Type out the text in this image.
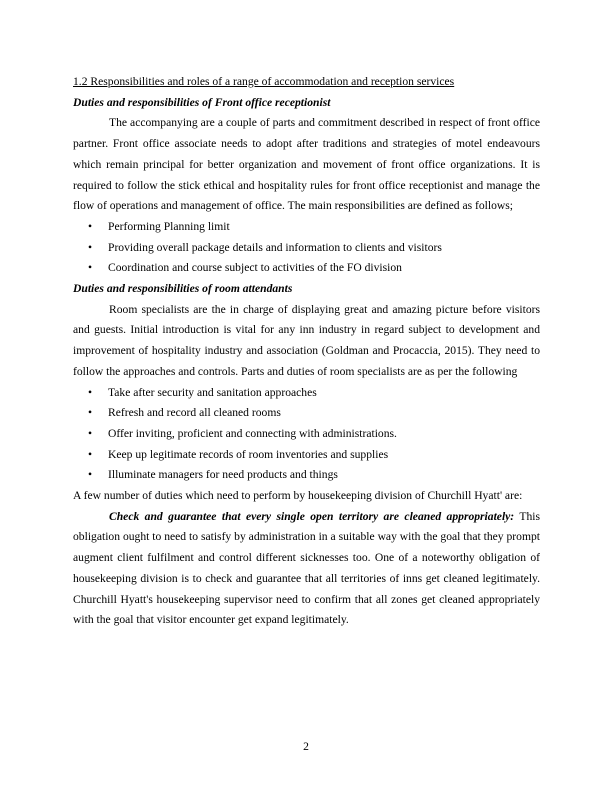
1.2 Responsibilities and roles of a range of accommodation and reception services

Duties and responsibilities of Front office receptionist

The accompanying are a couple of parts and commitment described in respect of front office partner. Front office associate needs to adopt after traditions and strategies of motel endeavours which remain principal for better organization and movement of front office organizations. It is required to follow the stick ethical and hospitality rules for front office receptionist and manage the flow of operations and management of office. The main responsibilities are defined as follows;

• Performing Planning limit
• Providing overall package details and information to clients and visitors
• Coordination and course subject to activities of the FO division

Duties and responsibilities of room attendants

Room specialists are the in charge of displaying great and amazing picture before visitors and guests. Initial introduction is vital for any inn industry in regard subject to development and improvement of hospitality industry and association (Goldman and Procaccia, 2015). They need to follow the approaches and controls. Parts and duties of room specialists are as per the following

• Take after security and sanitation approaches
• Refresh and record all cleaned rooms
• Offer inviting, proficient and connecting with administrations.
• Keep up legitimate records of room inventories and supplies
• Illuminate managers for need products and things

A few number of duties which need to perform by housekeeping division of Churchill Hyatt' are:

Check and guarantee that every single open territory are cleaned appropriately: This obligation ought to need to satisfy by administration in a suitable way with the goal that they prompt augment client fulfilment and control different sicknesses too. One of a noteworthy obligation of housekeeping division is to check and guarantee that all territories of inns get cleaned legitimately. Churchill Hyatt's housekeeping supervisor need to confirm that all zones get cleaned appropriately with the goal that visitor encounter get expand legitimately.

2
